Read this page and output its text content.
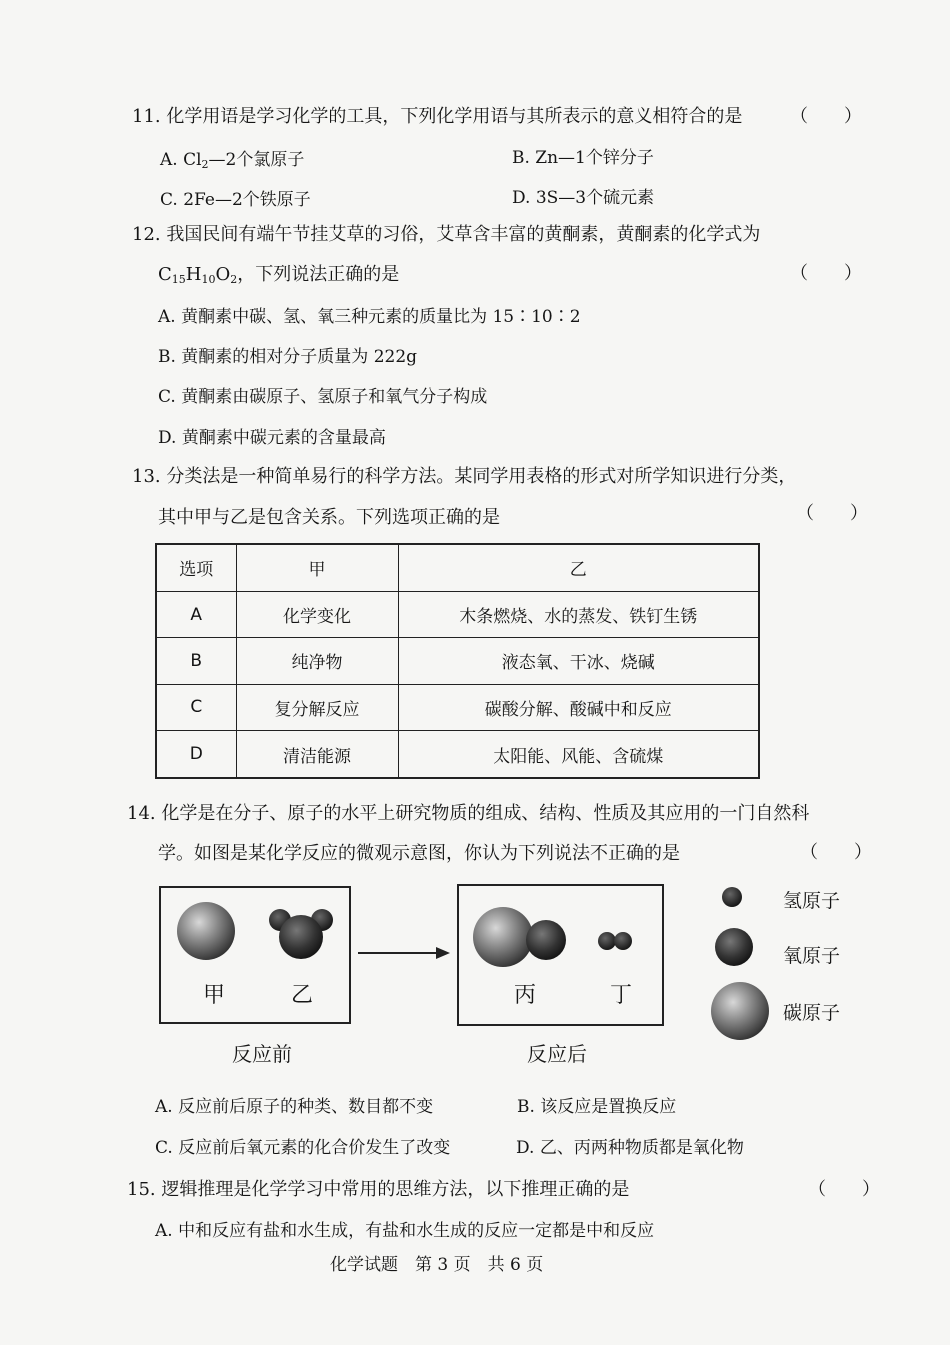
11. 化学用语是学习化学的工具，下列化学用语与其所表示的意义相符合的是	（　　）
A. $Cl_2—2$个氯原子	B. Zn—1个锌分子
C. 2Fe—2个铁原子	D. 3S—3个硫元素
12. 我国民间有端午节挂艾草的习俗，艾草含丰富的黄酮素，黄酮素的化学式为
$C_{15}H_{10}O_2$，下列说法正确的是	（　　）
A. 黄酮素中碳、氢、氧三种元素的质量比为 15∶10∶2
B. 黄酮素的相对分子质量为 222g
C. 黄酮素由碳原子、氢原子和氧气分子构成
D. 黄酮素中碳元素的含量最高
13. 分类法是一种简单易行的科学方法。某同学用表格的形式对所学知识进行分类，
其中甲与乙是包含关系。下列选项正确的是	（　　）
选项	甲	乙
A	化学变化	木条燃烧、水的蒸发、铁钉生锈
B	纯净物	液态氧、干冰、烧碱
C	复分解反应	碳酸分解、酸碱中和反应
D	清洁能源	太阳能、风能、含硫煤
14. 化学是在分子、原子的水平上研究物质的组成、结构、性质及其应用的一门自然科
学。如图是某化学反应的微观示意图，你认为下列说法不正确的是	（　　）
甲	乙	丙	丁
反应前	反应后
氢原子
氧原子
碳原子
A. 反应前后原子的种类、数目都不变	B. 该反应是置换反应
C. 反应前后氧元素的化合价发生了改变	D. 乙、丙两种物质都是氧化物
15. 逻辑推理是化学学习中常用的思维方法，以下推理正确的是	（　　）
A. 中和反应有盐和水生成，有盐和水生成的反应一定都是中和反应
化学试题　第 3 页　共 6 页
